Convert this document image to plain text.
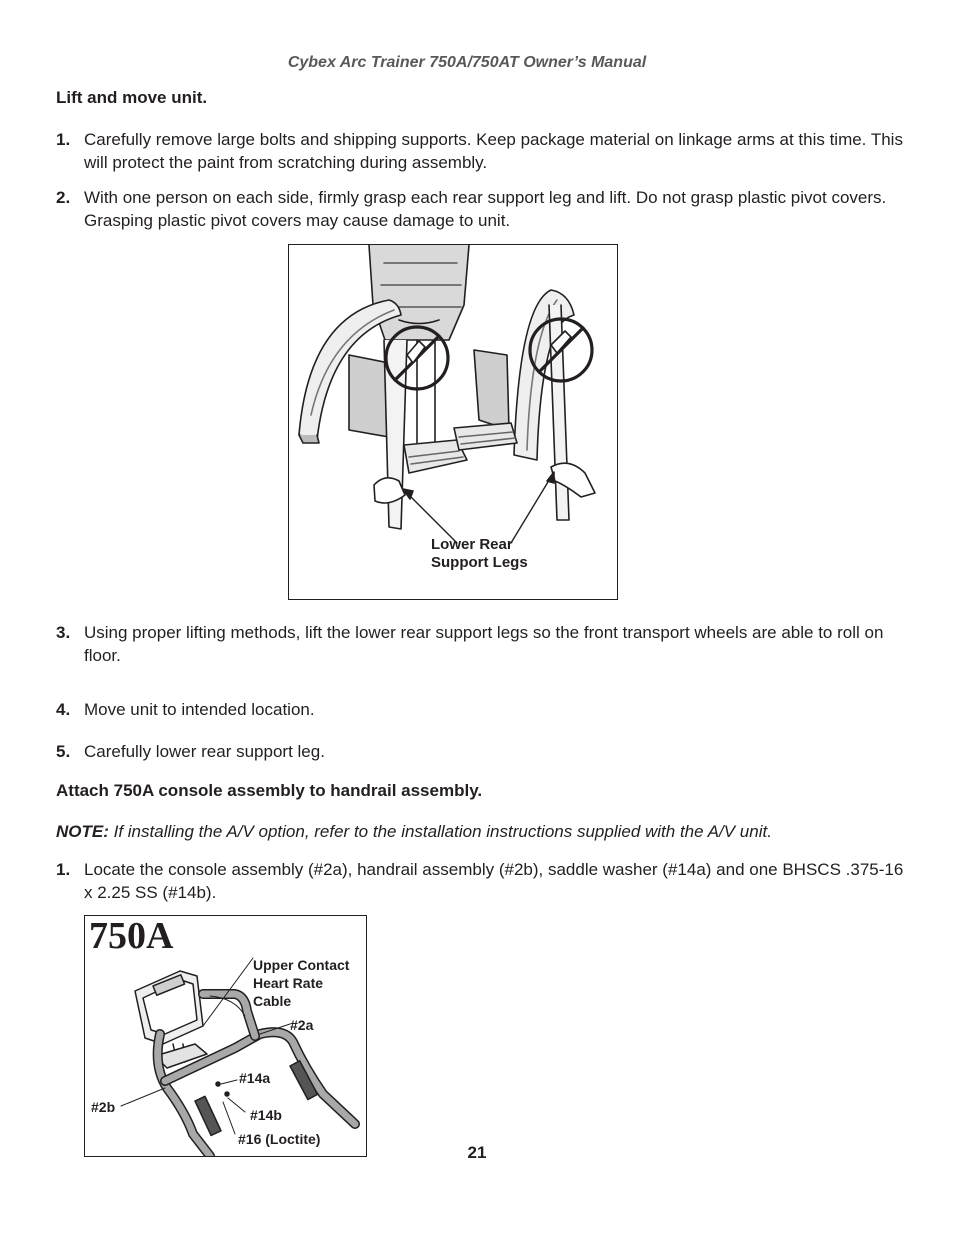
Cybex Arc Trainer 750A/750AT Owner’s Manual
Lift and move unit.
1. Carefully remove large bolts and shipping supports. Keep package material on linkage arms at this time. This will protect the paint from scratching during assembly.
2. With one person on each side, firmly grasp each rear support leg and lift. Do not grasp plastic pivot covers. Grasping plastic pivot covers may cause damage to unit.
Lower Rear
Support Legs
3. Using proper lifting methods, lift the lower rear support legs so the front transport wheels are able to roll on floor.
4. Move unit to intended location.
5. Carefully lower rear support leg.
Attach 750A console assembly to handrail assembly.
NOTE: If installing the A/V option, refer to the installation instructions supplied with the A/V unit.
1. Locate the console assembly (#2a), handrail assembly (#2b), saddle washer (#14a) and one BHSCS .375-16 x 2.25 SS (#14b).
750A
Upper Contact
Heart Rate
Cable
#2a
#2b
#14a
#14b
#16 (Loctite)
21
